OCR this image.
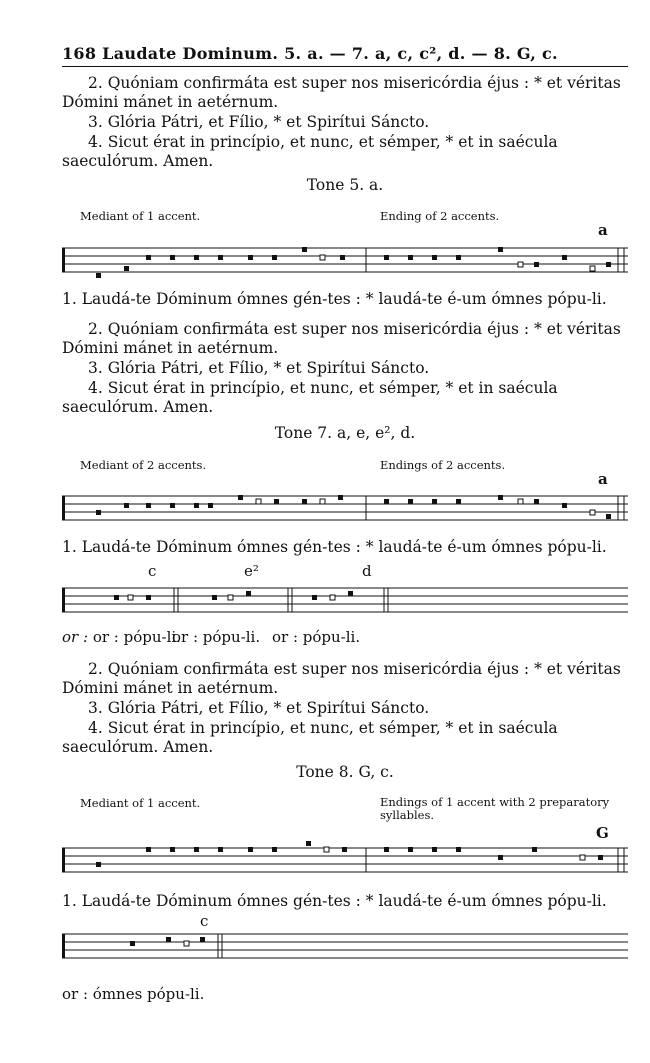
168 Laudate Dominum. 5. a. — 7. a, c, c², d. — 8. G, c.
2. Quóniam confirmáta est super nos misericórdia éjus : * et véritas Dómini mánet in aetérnum.
3. Glória Pátri, et Fílio, * et Spirítui Sáncto.
4. Sicut érat in princípio, et nunc, et sémper, * et in saécula saeculórum. Amen.
Tone 5. a.
Mediant of 1 accent.	Ending of 2 accents.
a
1. Laudá-te Dóminum ómnes gén-tes : * laudá-te é-um ómnes pópu-li.
2. Quóniam confirmáta est super nos misericórdia éjus : * et véritas Dómini mánet in aetérnum.
3. Glória Pátri, et Fílio, * et Spirítui Sáncto.
4. Sicut érat in princípio, et nunc, et sémper, * et in saécula saeculórum. Amen.
Tone 7. a, e, e², d.
Mediant of 2 accents.	Endings of 2 accents.
a
1. Laudá-te Dóminum ómnes gén-tes : * laudá-te é-um ómnes pópu-li.
c	e²	d
or : or : pópu-li.
or : pópu-li. or : pópu-li.
2. Quóniam confirmáta est super nos misericórdia éjus : * et véritas Dómini mánet in aetérnum.
3. Glória Pátri, et Fílio, * et Spirítui Sáncto.
4. Sicut érat in princípio, et nunc, et sémper, * et in saécula saeculórum. Amen.
Tone 8. G, c.
Mediant of 1 accent.	Endings of 1 accent with 2 preparatory syllables.
G
1. Laudá-te Dóminum ómnes gén-tes : * laudá-te é-um ómnes pópu-li.
c
or : ómnes pópu-li.
